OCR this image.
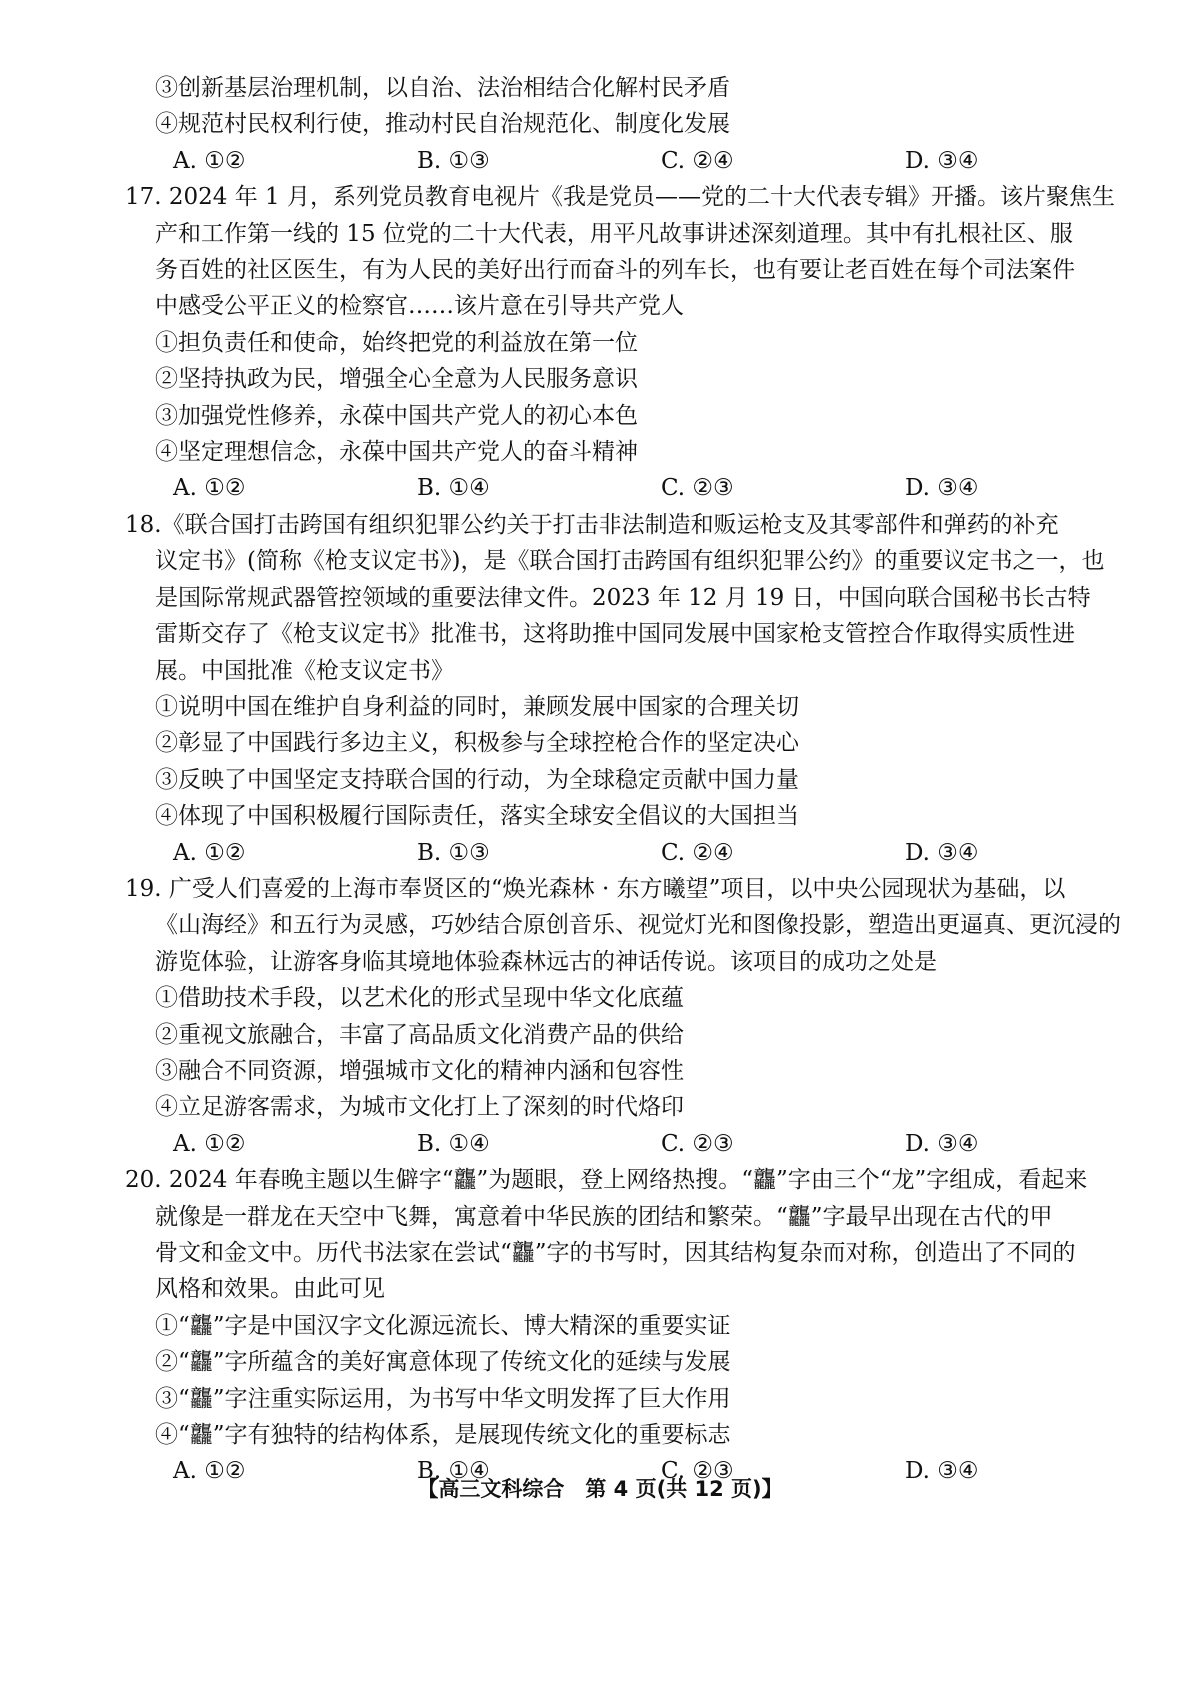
③创新基层治理机制，以自治、法治相结合化解村民矛盾
④规范村民权利行使，推动村民自治规范化、制度化发展
A. ①②	B. ①③	C. ②④	D. ③④
17. 2024 年 1 月，系列党员教育电视片《我是党员——党的二十大代表专辑》开播。该片聚焦生
产和工作第一线的 15 位党的二十大代表，用平凡故事讲述深刻道理。其中有扎根社区、服
务百姓的社区医生，有为人民的美好出行而奋斗的列车长，也有要让老百姓在每个司法案件
中感受公平正义的检察官……该片意在引导共产党人
①担负责任和使命，始终把党的利益放在第一位
②坚持执政为民，增强全心全意为人民服务意识
③加强党性修养，永葆中国共产党人的初心本色
④坚定理想信念，永葆中国共产党人的奋斗精神
A. ①②	B. ①④	C. ②③	D. ③④
18.《联合国打击跨国有组织犯罪公约关于打击非法制造和贩运枪支及其零部件和弹药的补充
议定书》(简称《枪支议定书》)，是《联合国打击跨国有组织犯罪公约》的重要议定书之一，也
是国际常规武器管控领域的重要法律文件。2023 年 12 月 19 日，中国向联合国秘书长古特
雷斯交存了《枪支议定书》批准书，这将助推中国同发展中国家枪支管控合作取得实质性进
展。中国批准《枪支议定书》
①说明中国在维护自身利益的同时，兼顾发展中国家的合理关切
②彰显了中国践行多边主义，积极参与全球控枪合作的坚定决心
③反映了中国坚定支持联合国的行动，为全球稳定贡献中国力量
④体现了中国积极履行国际责任，落实全球安全倡议的大国担当
A. ①②	B. ①③	C. ②④	D. ③④
19. 广受人们喜爱的上海市奉贤区的“焕光森林 · 东方曦望”项目，以中央公园现状为基础，以
《山海经》和五行为灵感，巧妙结合原创音乐、视觉灯光和图像投影，塑造出更逼真、更沉浸的
游览体验，让游客身临其境地体验森林远古的神话传说。该项目的成功之处是
①借助技术手段，以艺术化的形式呈现中华文化底蕴
②重视文旅融合，丰富了高品质文化消费产品的供给
③融合不同资源，增强城市文化的精神内涵和包容性
④立足游客需求，为城市文化打上了深刻的时代烙印
A. ①②	B. ①④	C. ②③	D. ③④
20. 2024 年春晚主题以生僻字“龘”为题眼，登上网络热搜。“龘”字由三个“龙”字组成，看起来
就像是一群龙在天空中飞舞，寓意着中华民族的团结和繁荣。“龘”字最早出现在古代的甲
骨文和金文中。历代书法家在尝试“龘”字的书写时，因其结构复杂而对称，创造出了不同的
风格和效果。由此可见
①“龘”字是中国汉字文化源远流长、博大精深的重要实证
②“龘”字所蕴含的美好寓意体现了传统文化的延续与发展
③“龘”字注重实际运用，为书写中华文明发挥了巨大作用
④“龘”字有独特的结构体系，是展现传统文化的重要标志
A. ①②	B. ①④	C. ②③	D. ③④
【高三文科综合　第 4 页(共 12 页)】
